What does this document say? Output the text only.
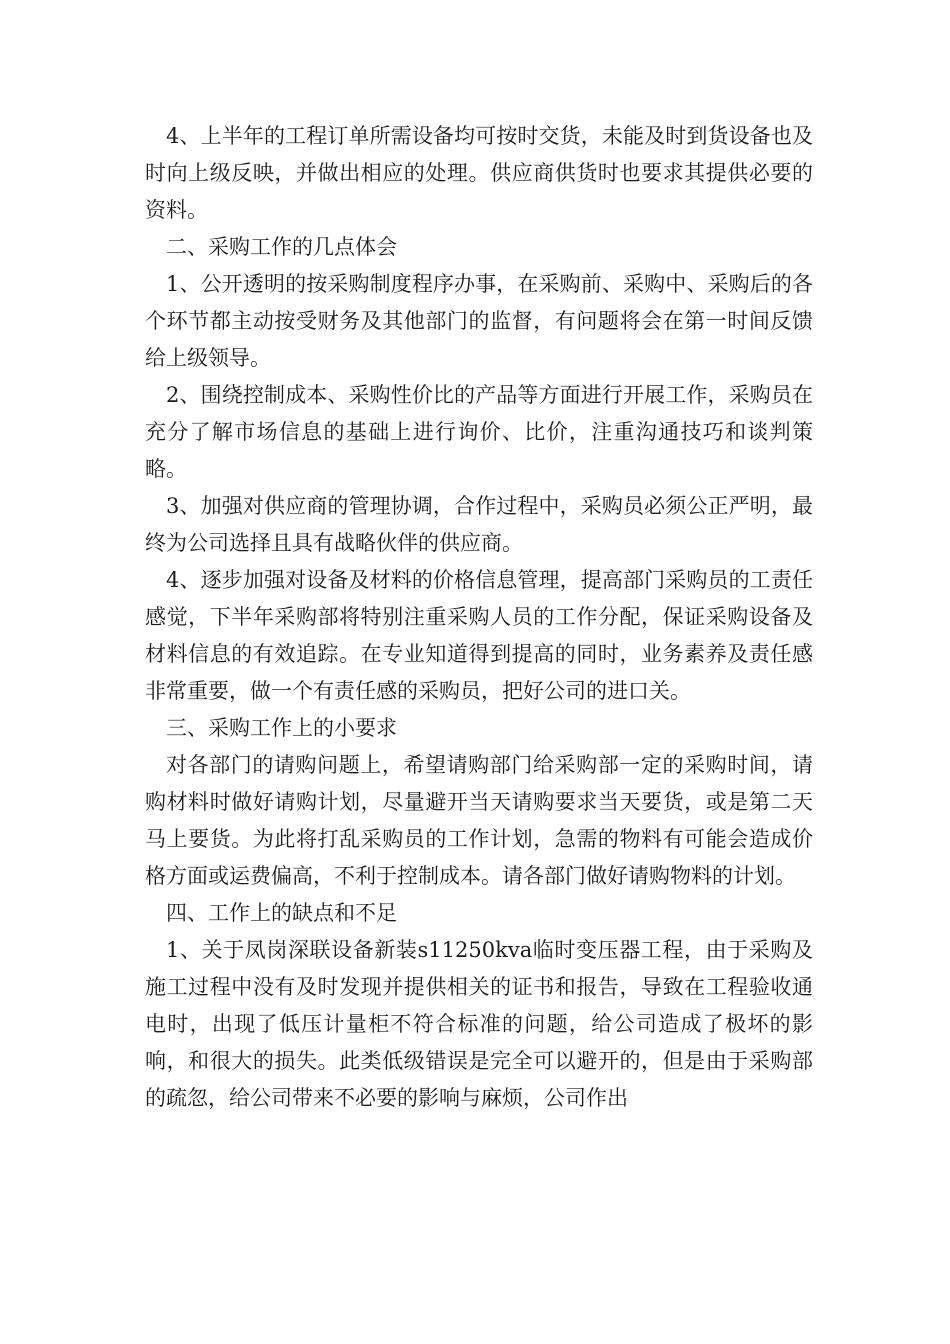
4、上半年的工程订单所需设备均可按时交货，未能及时到货设备也及时向上级反映，并做出相应的处理。供应商供货时也要求其提供必要的资料。

二、采购工作的几点体会

1、公开透明的按采购制度程序办事，在采购前、采购中、采购后的各个环节都主动按受财务及其他部门的监督，有问题将会在第一时间反馈给上级领导。

2、围绕控制成本、采购性价比的产品等方面进行开展工作，采购员在充分了解市场信息的基础上进行询价、比价，注重沟通技巧和谈判策略。

3、加强对供应商的管理协调，合作过程中，采购员必须公正严明，最终为公司选择且具有战略伙伴的供应商。

4、逐步加强对设备及材料的价格信息管理，提高部门采购员的工责任感觉，下半年采购部将特别注重采购人员的工作分配，保证采购设备及材料信息的有效追踪。在专业知道得到提高的同时，业务素养及责任感非常重要，做一个有责任感的采购员，把好公司的进口关。

三、采购工作上的小要求

对各部门的请购问题上，希望请购部门给采购部一定的采购时间，请购材料时做好请购计划，尽量避开当天请购要求当天要货，或是第二天马上要货。为此将打乱采购员的工作计划，急需的物料有可能会造成价格方面或运费偏高，不利于控制成本。请各部门做好请购物料的计划。

四、工作上的缺点和不足

1、关于凤岗深联设备新装s11250kva临时变压器工程，由于采购及施工过程中没有及时发现并提供相关的证书和报告，导致在工程验收通电时，出现了低压计量柜不符合标准的问题，给公司造成了极坏的影响，和很大的损失。此类低级错误是完全可以避开的，但是由于采购部的疏忽，给公司带来不必要的影响与麻烦，公司作出
